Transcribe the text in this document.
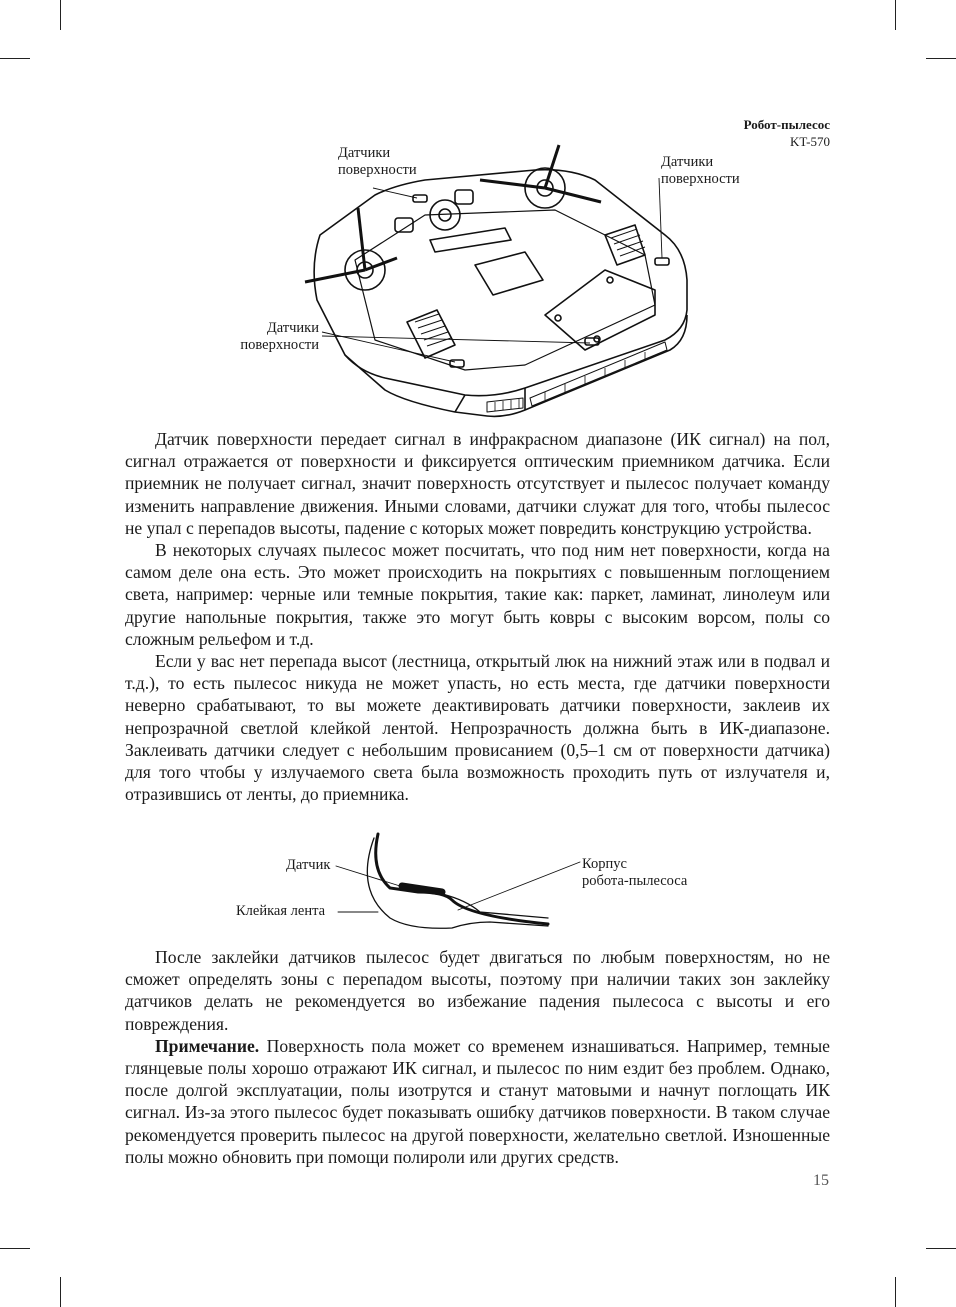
Робот-пылесос
KT-570
Датчики
поверхности	Датчики
поверхности
Датчики
поверхности

Датчик поверхности передает сигнал в инфракрасном диапазоне (ИК сигнал) на пол, сигнал отражается от поверхности и фиксируется оптическим приемником датчика. Если приемник не получает сигнал, значит поверхность отсутствует и пылесос получает команду изменить направление движения. Иными словами, датчики служат для того, чтобы пылесос не упал с перепадов высоты, падение с которых может повредить конструкцию устройства.

В некоторых случаях пылесос может посчитать, что под ним нет поверхности, когда на самом деле она есть. Это может происходить на покрытиях с повышенным поглощением света, например: черные или темные покрытия, такие как: паркет, ламинат, линолеум или другие напольные покрытия, также это могут быть ковры с высоким ворсом, полы со сложным рельефом и т.д.

Если у вас нет перепада высот (лестница, открытый люк на нижний этаж или в подвал и т.д.), то есть пылесос никуда не может упасть, но есть места, где датчики поверхности неверно срабатывают, то вы можете деактивировать датчики поверхности, заклеив их непрозрачной светлой клейкой лентой. Непрозрачность должна быть в ИК-диапазоне. Заклеивать датчики следует с небольшим провисанием (0,5–1 см от поверхности датчика) для того чтобы у излучаемого света была возможность проходить путь от излучателя и, отразившись от ленты, до приемника.

Датчик
Клейкая лента
Корпус
робота-пылесоса

После заклейки датчиков пылесос будет двигаться по любым поверхностям, но не сможет определять зоны с перепадом высоты, поэтому при наличии таких зон заклейку датчиков делать не рекомендуется во избежание падения пылесоса с высоты и его повреждения.

Примечание. Поверхность пола может со временем изнашиваться. Например, темные глянцевые полы хорошо отражают ИК сигнал, и пылесос по ним ездит без проблем. Однако, после долгой эксплуатации, полы изотрутся и станут матовыми и начнут поглощать ИК сигнал. Из-за этого пылесос будет показывать ошибку датчиков поверхности. В таком случае рекомендуется проверить пылесос на другой поверхности, желательно светлой. Изношенные полы можно обновить при помощи полироли или других средств.

15
